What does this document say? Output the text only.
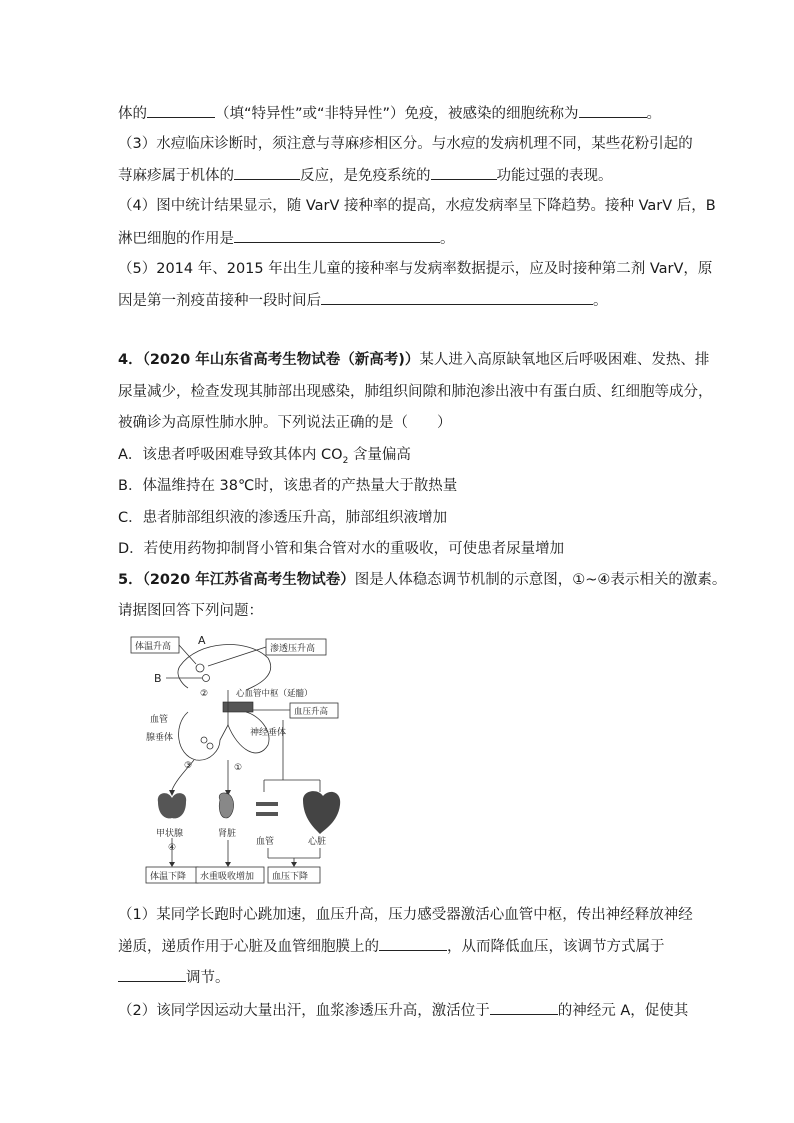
体的	（填“特异性”或“非特异性”）免疫，被感染的细胞统称为	。
（3）水痘临床诊断时，须注意与荨麻疹相区分。与水痘的发病机理不同，某些花粉引起的
荨麻疹属于机体的	反应，是免疫系统的	功能过强的表现。
（4）图中统计结果显示，随 VarV 接种率的提高，水痘发病率呈下降趋势。接种 VarV 后，B
淋巴细胞的作用是	。
（5）2014 年、2015 年出生儿童的接种率与发病率数据提示，应及时接种第二剂 VarV，原
因是第一剂疫苗接种一段时间后	。
4．（2020 年山东省高考生物试卷（新高考)）某人进入高原缺氧地区后呼吸困难、发热、排
尿量减少，检查发现其肺部出现感染，肺组织间隙和肺泡渗出液中有蛋白质、红细胞等成分，
被确诊为高原性肺水肿。下列说法正确的是（　　）
A．该患者呼吸困难导致其体内 $CO_2$ 含量偏高
B．体温维持在 38℃时，该患者的产热量大于散热量
C．患者肺部组织液的渗透压升高，肺部组织液增加
D．若使用药物抑制肾小管和集合管对水的重吸收，可使患者尿量增加
5．（2020 年江苏省高考生物试卷）图是人体稳态调节机制的示意图，①~④表示相关的激素。
请据图回答下列问题：
体温升高 A
渗透压升高
B
②	心血管中枢（延髓）
血压升高
血管
腺垂体	神经垂体
③	①
甲状腺	肾脏
血管	心脏
④
体温下降 水重吸收增加 血压下降
（1）某同学长跑时心跳加速，血压升高，压力感受器激活心血管中枢，传出神经释放神经
递质，递质作用于心脏及血管细胞膜上的	，从而降低血压，该调节方式属于
调节。
（2）该同学因运动大量出汗，血浆渗透压升高，激活位于	的神经元 A，促使其
